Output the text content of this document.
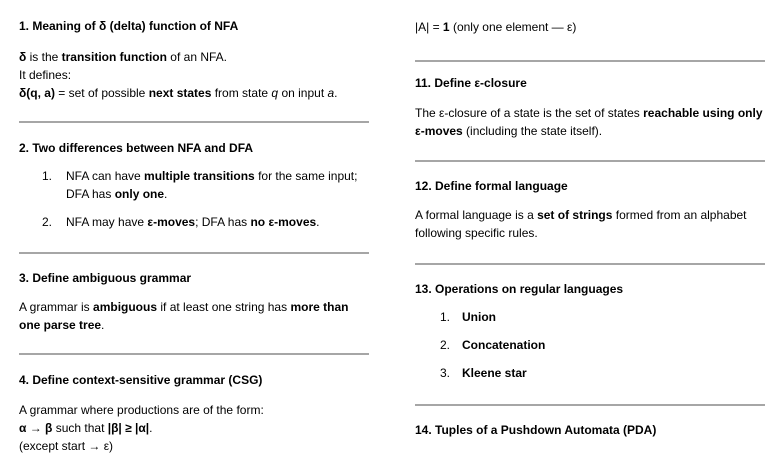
1. Meaning of δ (delta) function of NFA

δ is the transition function of an NFA.

It defines:

δ(q, a) = set of possible next states from state q on input a.

2. Two differences between NFA and DFA

1. NFA can have multiple transitions for the same input; DFA has only one.
2. NFA may have ε-moves; DFA has no ε-moves.

3. Define ambiguous grammar

A grammar is ambiguous if at least one string has more than one parse tree.

4. Define context-sensitive grammar (CSG)

A grammar where productions are of the form:

α → β such that |β| ≥ |α|.

(except start → ε)

|A| = 1 (only one element — ε)

11. Define ε-closure

The ε-closure of a state is the set of states reachable using only ε-moves (including the state itself).

12. Define formal language

A formal language is a set of strings formed from an alphabet following specific rules.

13. Operations on regular languages

1. Union
2. Concatenation
3. Kleene star

14. Tuples of a Pushdown Automata (PDA)
